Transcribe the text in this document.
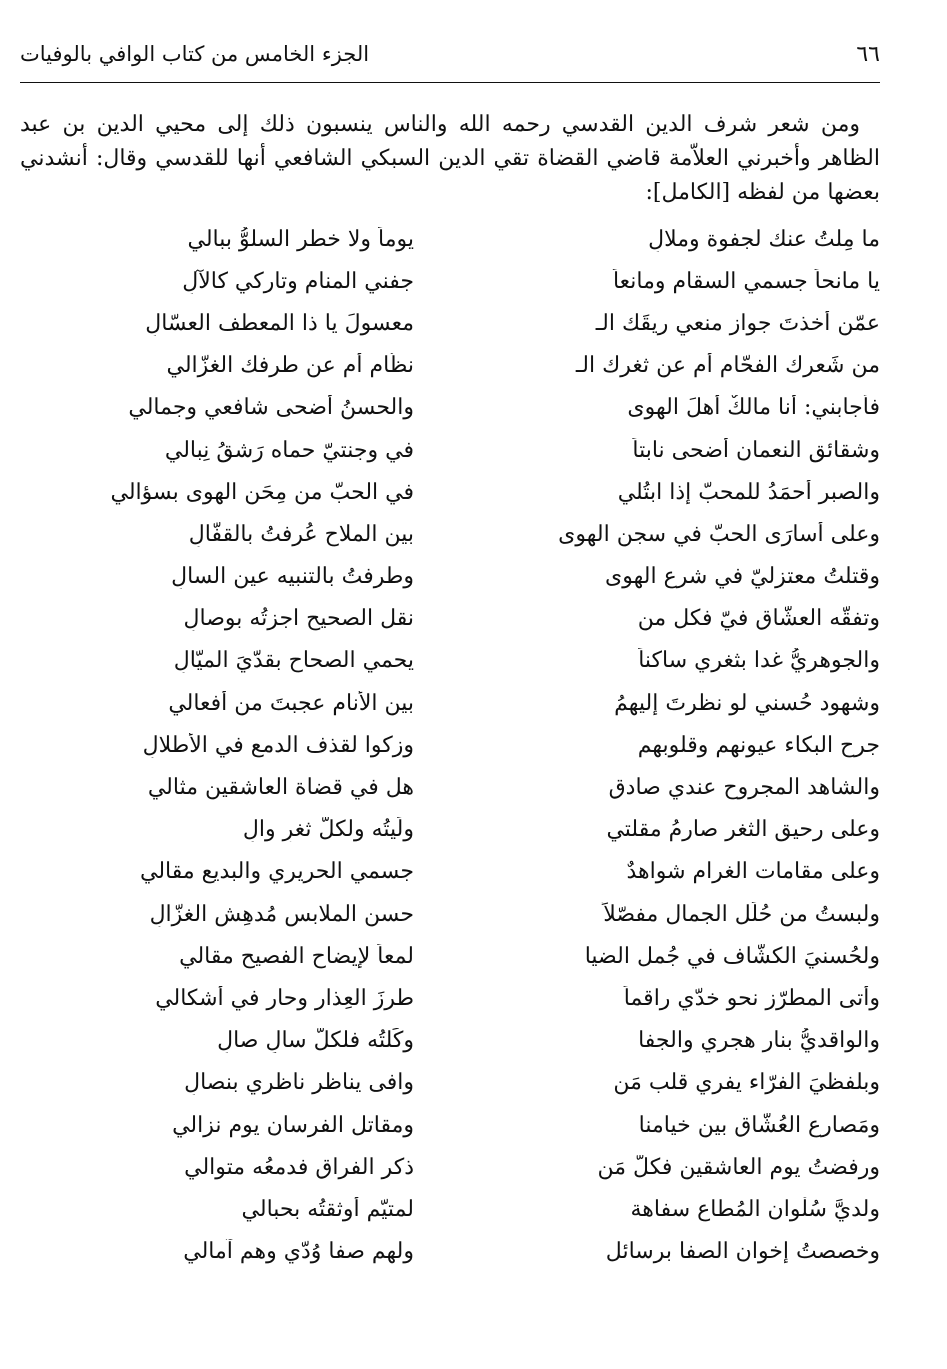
٦٦
الجزء الخامس من كتاب الوافي بالوفيات

ومن شعر شرف الدين القدسي رحمه الله والناس ينسبون ذلك إلى محيي الدين بن عبد الظاهر وأخبرني العلاّمة قاضي القضاة تقي الدين السبكي الشافعي أنها للقدسي وقال: أنشدني بعضها من لفظه [الكامل]:

ما مِلتُ عنك لجفوة وملالِ
يوماً ولا خطر السلوُّ ببالي
يا مانحاً جسمي السقام ومانعاً
جفني المنام وتاركي كالآلِ
عمّن أخذتَ جواز منعي ريقَك الـ
معسولَ يا ذا المعطف العسّالِ
من شَعرك الفحّام أم عن ثغرك الـ
نظّام أم عن طرفك الغزّالي
فأجابني: أنا مالكٌ أهلَ الهوى
والحسنُ أضحى شافعي وجمالي
وشقائق النعمان أضحى نابتاً
في وجنتيّ حماه رَشقُ نِبالي
والصبر أحمَدُ للمحبّ إذا ابتُلي
في الحبّ من مِحَن الهوى بسؤالي
وعلى أُسارَى الحبّ في سجن الهوى
بين الملاح عُرفتُ بالقفّالِ
وقتلتُ معتزليّ في شرع الهوى
وطرفتُ بالتنبيه عين السالِ
وتفقّه العشّاق فيّ فكل من
نقل الصحيح اجزتُه بوصالِ
والجوهريُّ غدا بثغري ساكناً
يحمي الصحاح بقدّيَ الميّالِ
وشهود حُسني لو نظرتَ إليهمُ
بين الأنام عجبتَ من أفعالي
جرح البكاء عيونهم وقلوبهم
وزكوا لقذف الدمع في الأطلالِ
والشاهد المجروح عندي صادق
هل في قضاة العاشقين مثالي
وعلى رحيق الثغر صارمُ مقلتي
ولَيتُه ولكلّ ثغرٍ والِ
وعلى مقامات الغرام شواهدٌ
جسمي الحريري والبديع مقالي
ولبستُ من حُلَل الجمال مفصّلاً
حسن الملابس مُدهِش الغزّالِ
ولحُسنيَ الكشّاف في جُمل الضيا
لمعاً لإيضاح الفصيح مقالي
وأتى المطرّز نحو خدّي راقماً
طرزَ العِذار وحار في أشكالي
والواقديُّ بنار هجري والجفا
وكَلتُه فلكلّ سالٍ صالِ
وبلفظيَ الفرّاء يفري قلب مَن
وافى يناظر ناظري بنصالِ
ومَصارع العُشّاق بين خيامنا
ومقاتل الفرسان يوم نزالي
ورفضتُ يوم العاشقين فكلّ مَن
ذكر الفراق فدمعُه متوالي
ولديَّ سُلْوان المُطاع سفاهة
لمتيّم أوثقتُه بحبالي
وخصصتُ إخوان الصفا برسائل
ولهم صفا وُدّي وهم آمالي
